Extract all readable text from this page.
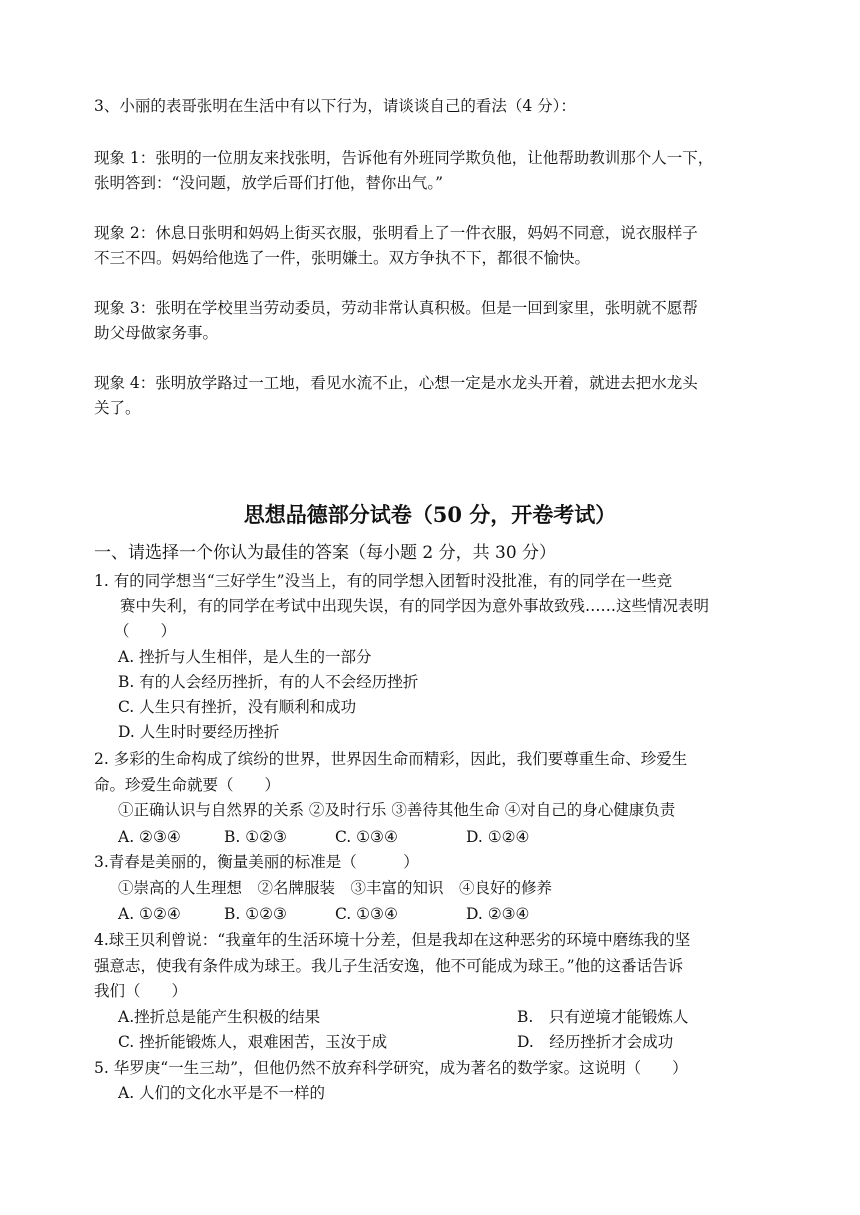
3、小丽的表哥张明在生活中有以下行为，请谈谈自己的看法（4 分）：
现象 1：张明的一位朋友来找张明，告诉他有外班同学欺负他，让他帮助教训那个人一下，
张明答到：“没问题，放学后哥们打他，替你出气。”
现象 2：休息日张明和妈妈上街买衣服，张明看上了一件衣服，妈妈不同意，说衣服样子
不三不四。妈妈给他选了一件，张明嫌土。双方争执不下，都很不愉快。
现象 3：张明在学校里当劳动委员，劳动非常认真积极。但是一回到家里，张明就不愿帮
助父母做家务事。
现象 4：张明放学路过一工地，看见水流不止，心想一定是水龙头开着，就进去把水龙头
关了。
思想品德部分试卷（50 分，开卷考试）
一、请选择一个你认为最佳的答案（每小题 2 分，共 30 分）
1. 有的同学想当“三好学生”没当上，有的同学想入团暂时没批准，有的同学在一些竞
赛中失利，有的同学在考试中出现失误，有的同学因为意外事故致残……这些情况表明
（　　）
A. 挫折与人生相伴，是人生的一部分
B. 有的人会经历挫折，有的人不会经历挫折
C. 人生只有挫折，没有顺利和成功
D. 人生时时要经历挫折
2. 多彩的生命构成了缤纷的世界，世界因生命而精彩，因此，我们要尊重生命、珍爱生
命。珍爱生命就要（　　）
①正确认识与自然界的关系 ②及时行乐 ③善待其他生命 ④对自己的身心健康负责
A. ②③④	B. ①②③	C. ①③④	D. ①②④
3.青春是美丽的，衡量美丽的标准是（　　　）
①崇高的人生理想　②名牌服装　③丰富的知识　④良好的修养
A. ①②④	B. ①②③	C. ①③④	D. ②③④
4.球王贝利曾说：“我童年的生活环境十分差，但是我却在这种恶劣的环境中磨练我的坚
强意志，使我有条件成为球王。我儿子生活安逸，他不可能成为球王。”他的这番话告诉
我们（　　）
A.挫折总是能产生积极的结果	B.　只有逆境才能锻炼人
C. 挫折能锻炼人，艰难困苦，玉汝于成	D.　经历挫折才会成功
5. 华罗庚“一生三劫”，但他仍然不放弃科学研究，成为著名的数学家。这说明（　　）
A. 人们的文化水平是不一样的
